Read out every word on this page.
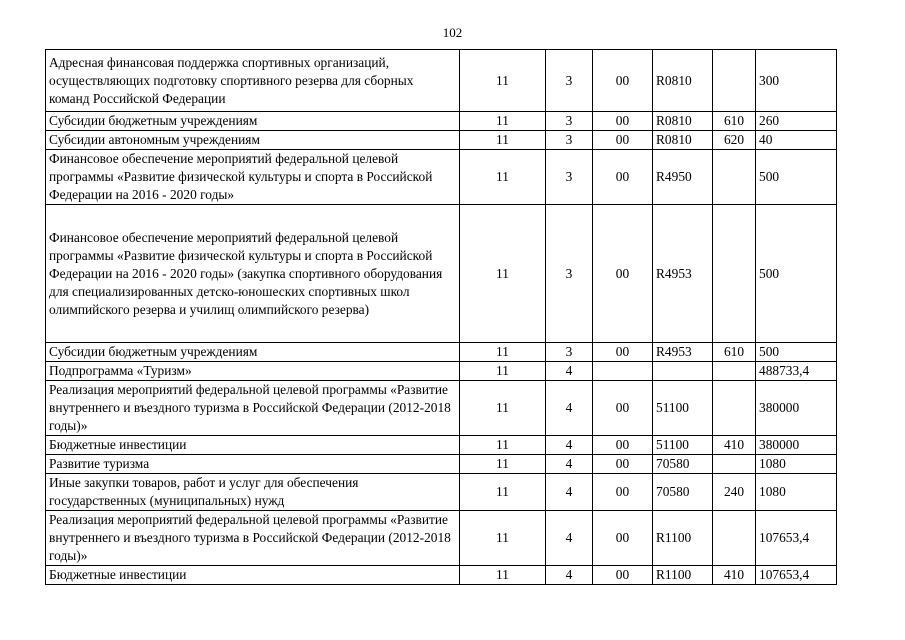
102
Адресная финансовая поддержка спортивных организаций, осуществляющих подготовку спортивного резерва для сборных команд Российской Федерации	11	3	00	R0810		300
Субсидии бюджетным учреждениям	11	3	00	R0810	610	260
Субсидии автономным учреждениям	11	3	00	R0810	620	40
Финансовое обеспечение мероприятий федеральной целевой программы «Развитие физической культуры и спорта в Российской Федерации на 2016 - 2020 годы»	11	3	00	R4950		500
Финансовое обеспечение мероприятий федеральной целевой программы «Развитие физической культуры и спорта в Российской Федерации на 2016 - 2020 годы» (закупка спортивного оборудования для специализированных детско-юношеских спортивных школ олимпийского резерва и училищ олимпийского резерва)	11	3	00	R4953		500
Субсидии бюджетным учреждениям	11	3	00	R4953	610	500
Подпрограмма «Туризм»	11	4				488733,4
Реализация мероприятий федеральной целевой программы «Развитие внутреннего и въездного туризма в Российской Федерации (2012-2018 годы)»	11	4	00	51100		380000
Бюджетные инвестиции	11	4	00	51100	410	380000
Развитие туризма	11	4	00	70580		1080
Иные закупки товаров, работ и услуг для обеспечения государственных (муниципальных) нужд	11	4	00	70580	240	1080
Реализация мероприятий федеральной целевой программы «Развитие внутреннего и въездного туризма в Российской Федерации (2012-2018 годы)»	11	4	00	R1100		107653,4
Бюджетные инвестиции	11	4	00	R1100	410	107653,4
